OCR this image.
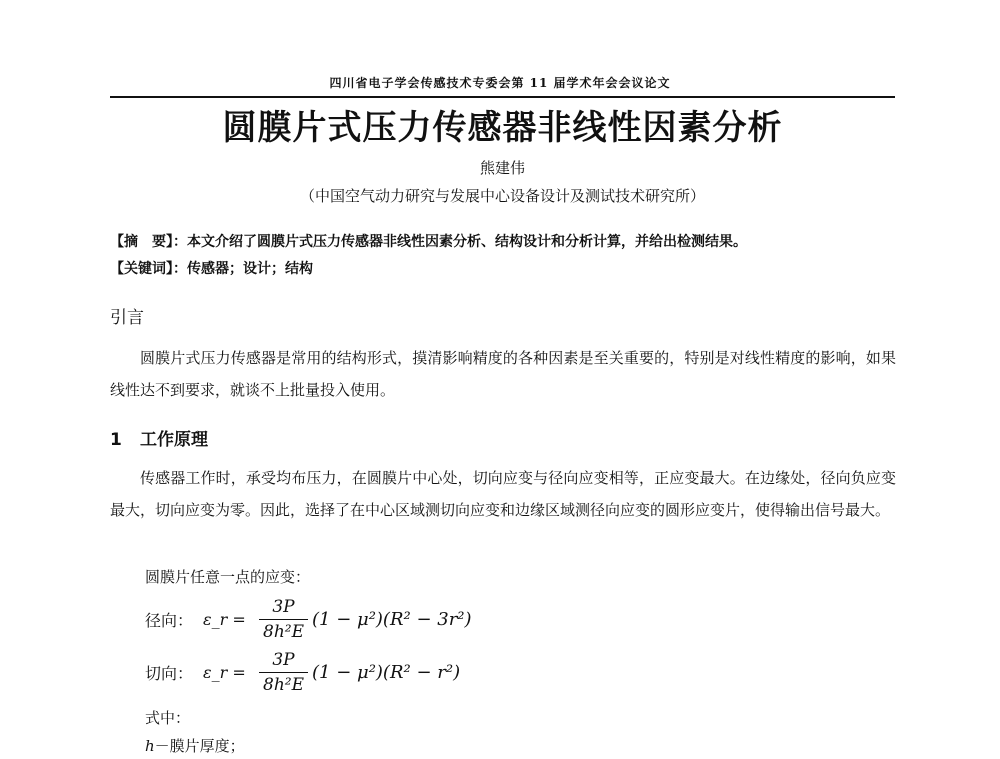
四川省电子学会传感技术专委会第 11 届学术年会会议论文
圆膜片式压力传感器非线性因素分析
熊建伟
（中国空气动力研究与发展中心设备设计及测试技术研究所）
【摘　要】：本文介绍了圆膜片式压力传感器非线性因素分析、结构设计和分析计算，并给出检测结果。
【关键词】：传感器；设计；结构
引言
圆膜片式压力传感器是常用的结构形式，摸清影响精度的各种因素是至关重要的，特别是对线性精度的影响，如果线性达不到要求，就谈不上批量投入使用。
1 工作原理
传感器工作时，承受均布压力，在圆膜片中心处，切向应变与径向应变相等，正应变最大。在边缘处，径向负应变最大，切向应变为零。因此，选择了在中心区域测切向应变和边缘区域测径向应变的圆形应变片，使得输出信号最大。
圆膜片任意一点的应变：
径向： ε_r = $\frac{3P}{\text{8h²E}} (1 - \mu^2)(R^2 - 3r^2)$
切向： ε_r = $\frac{3P}{\text{8h²E}} (1 - \mu^2)(R^2 - r^2)$
式中：
h－膜片厚度；
